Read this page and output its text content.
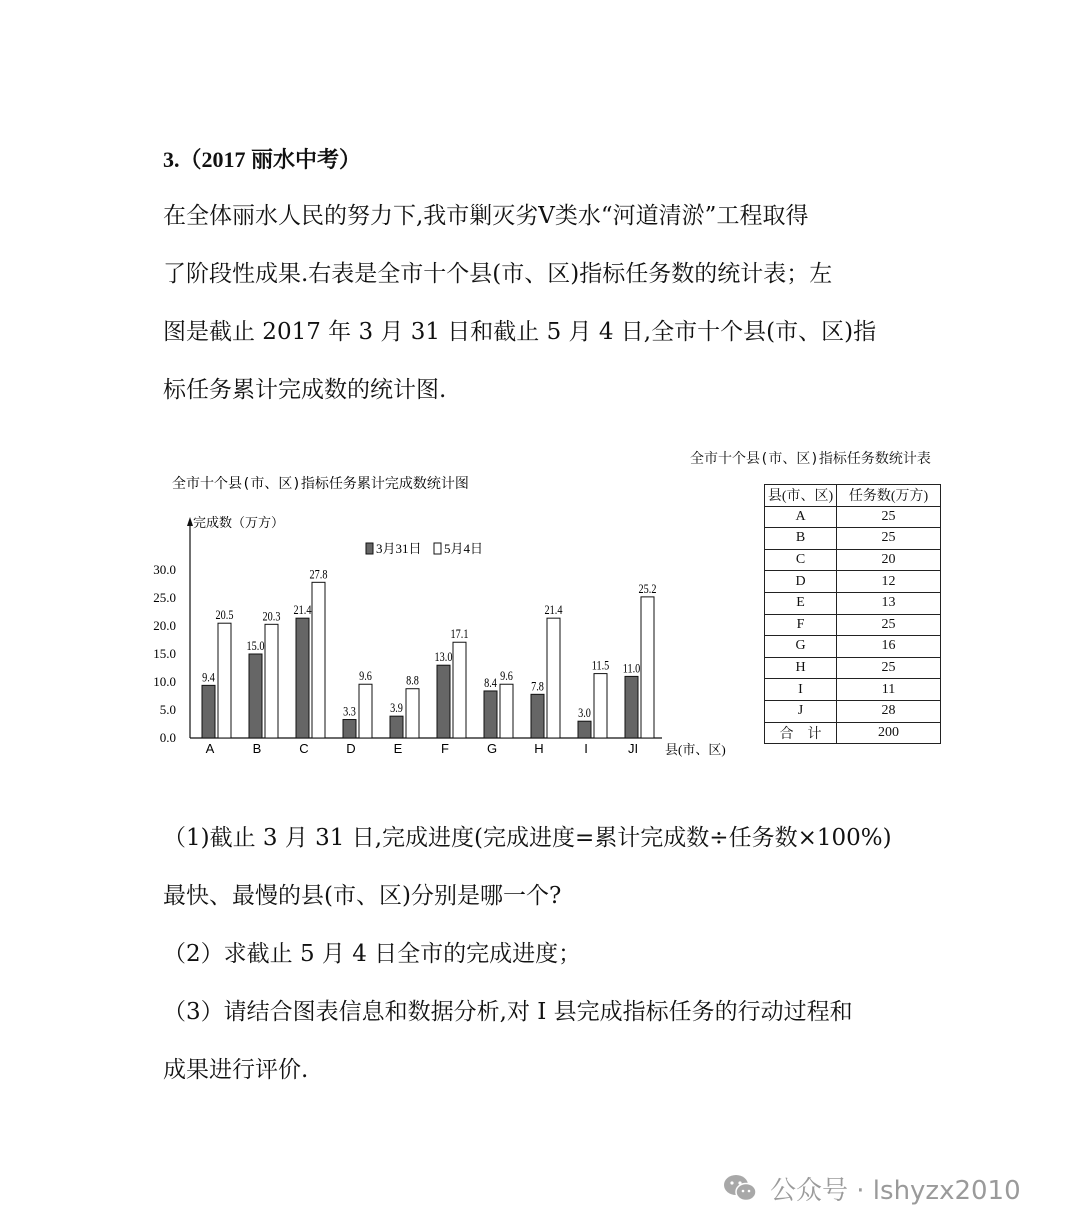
3.（2017 丽水中考）
在全体丽水人民的努力下,我市剿灭劣Ⅴ类水“河道清淤”工程取得
了阶段性成果.右表是全市十个县(市、区)指标任务数的统计表；左
图是截止 2017 年 3 月 31 日和截止 5 月 4 日,全市十个县(市、区)指
标任务累计完成数的统计图.
全市十个县(市、区)指标任务累计完成数统计图
完成数（万方）
县(市、区)
0.0
5.0
10.0
15.0
20.0
25.0
30.0
3月31日 5月4日
9.4
20.5
A
15.0
20.3
B
21.4
27.8
C
3.3
9.6
D
3.9
8.8
E
13.0
17.1
F
8.4
9.6
G
7.8
21.4
H
3.0
11.5
I
11.0
25.2
JI
全市十个县(市、区)指标任务数统计表
县(市、区)	任务数(万方)
A	25
B	25
C	20
D	12
E	13
F	25
G	16
H	25
I	11
J	28
合　计	200
（1)截止 3 月 31 日,完成进度(完成进度=累计完成数÷任务数×100%)
最快、最慢的县(市、区)分别是哪一个?
（2）求截止 5 月 4 日全市的完成进度；
（3）请结合图表信息和数据分析,对 I 县完成指标任务的行动过程和
成果进行评价.
公众号 · lshyzx2010
